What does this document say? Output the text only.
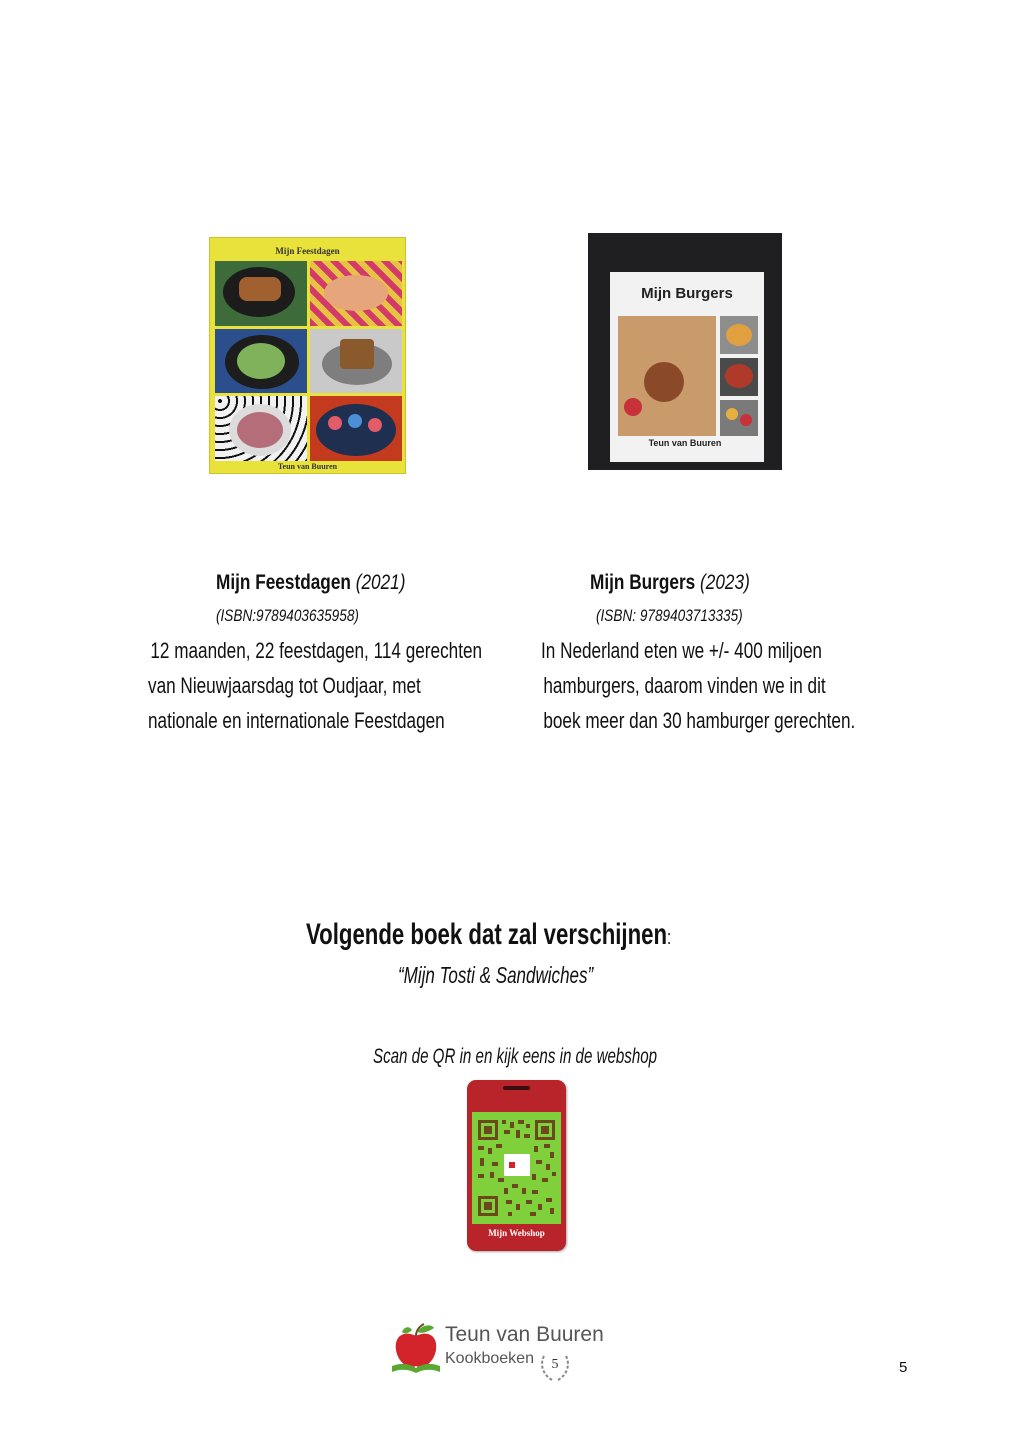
Mijn Feestdagen
Teun van Buuren
Mijn Burgers
Teun van Buuren
Mijn Feestdagen (2021)
(ISBN:9789403635958)
12 maanden, 22 feestdagen, 114 gerechten
van Nieuwjaarsdag tot Oudjaar, met
nationale en internationale Feestdagen
Mijn Burgers (2023)
(ISBN: 9789403713335)
In Nederland eten we +/- 400 miljoen
hamburgers, daarom vinden we in dit
boek meer dan 30 hamburger gerechten.
Volgende boek dat zal verschijnen:
“Mijn Tosti & Sandwiches”
Scan de QR in en kijk eens in de webshop
Mijn Webshop
Teun van Buuren
Kookboeken	5	5
